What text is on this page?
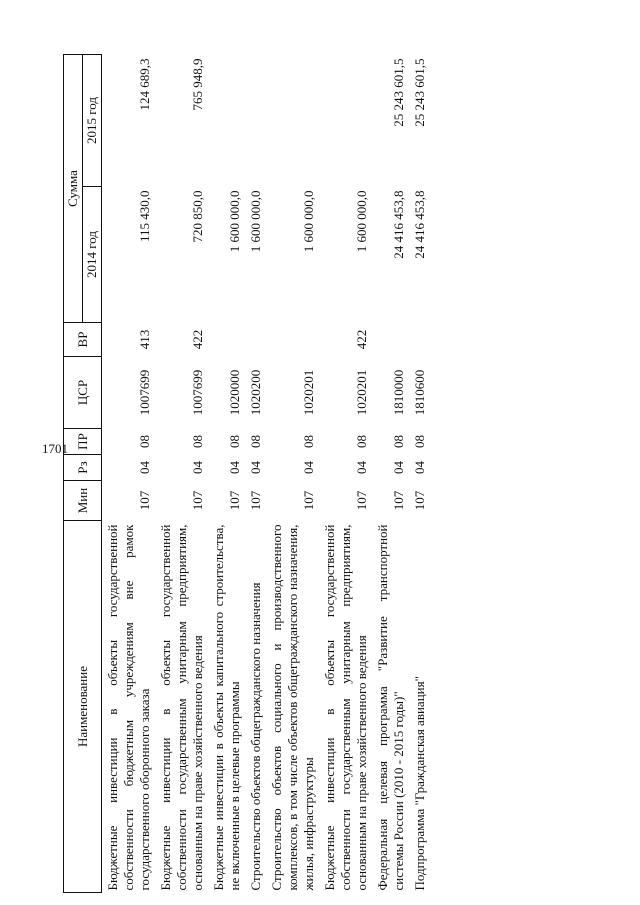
1701
Наименование	Мин	Рз	ПР	ЦСР	ВР	Сумма	
						2014 год	2015 год
Бюджетные инвестиции в объекты государственной собственности бюджетным учреждениям вне рамок государственного оборонного заказа	107	04	08	1007699	413	115 430,0	124 689,3
Бюджетные инвестиции в объекты государственной собственности государственным унитарным предприятиям, основанным на праве хозяйственного ведения	107	04	08	1007699	422	720 850,0	765 948,9
Бюджетные инвестиции в объекты капитального строительства, не включенные в целевые программы	107	04	08	1020000		1 600 000,0	
Строительство объектов общегражданского назначения	107	04	08	1020200		1 600 000,0	
Строительство объектов социального и производственного комплексов, в том числе объектов общегражданского назначения, жилья, инфраструктуры	107	04	08	1020201		1 600 000,0	
Бюджетные инвестиции в объекты государственной собственности государственным унитарным предприятиям, основанным на праве хозяйственного ведения	107	04	08	1020201	422	1 600 000,0	
Федеральная целевая программа "Развитие транспортной системы России (2010 - 2015 годы)"	107	04	08	1810000		24 416 453,8	25 243 601,5
Подпрограмма "Гражданская авиация"	107	04	08	1810600		24 416 453,8	25 243 601,5
